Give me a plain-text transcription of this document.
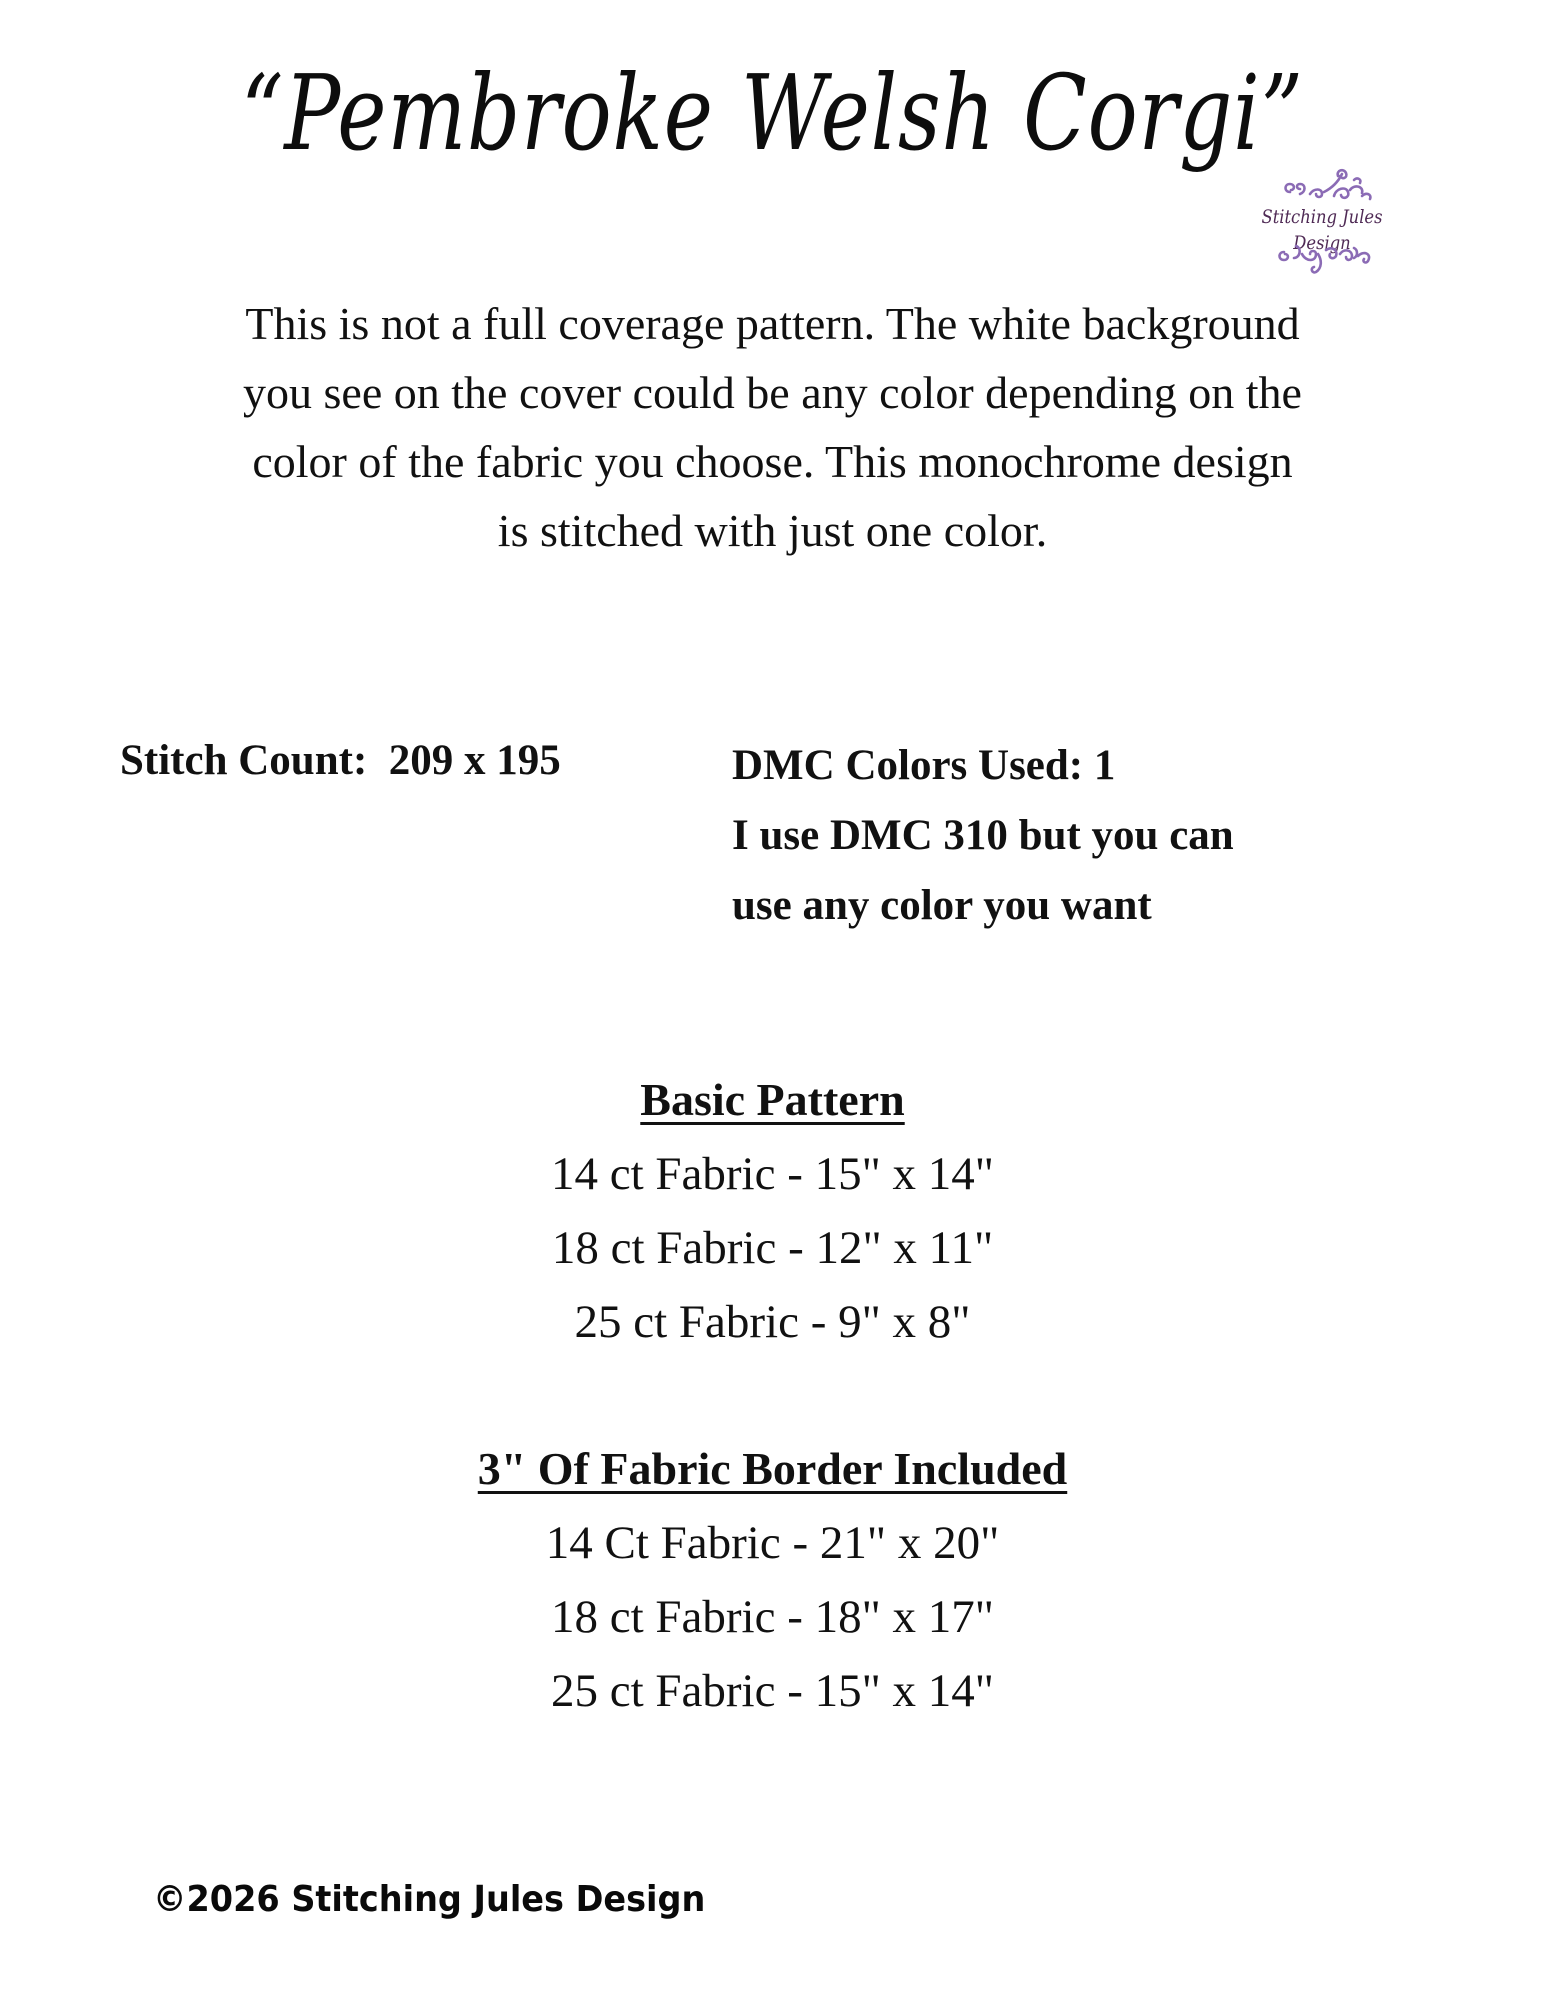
“Pembroke Welsh Corgi”
Stitching Jules Design
This is not a full coverage pattern. The white background
you see on the cover could be any color depending on the
color of the fabric you choose. This monochrome design
is stitched with just one color.
Stitch Count: 209 x 195	DMC Colors Used: 1
I use DMC 310 but you can
use any color you want
Basic Pattern
14 ct Fabric - 15" x 14"
18 ct Fabric - 12" x 11"
25 ct Fabric - 9" x 8"
3" Of Fabric Border Included
14 Ct Fabric - 21" x 20"
18 ct Fabric - 18" x 17"
25 ct Fabric - 15" x 14"
©2026 Stitching Jules Design
